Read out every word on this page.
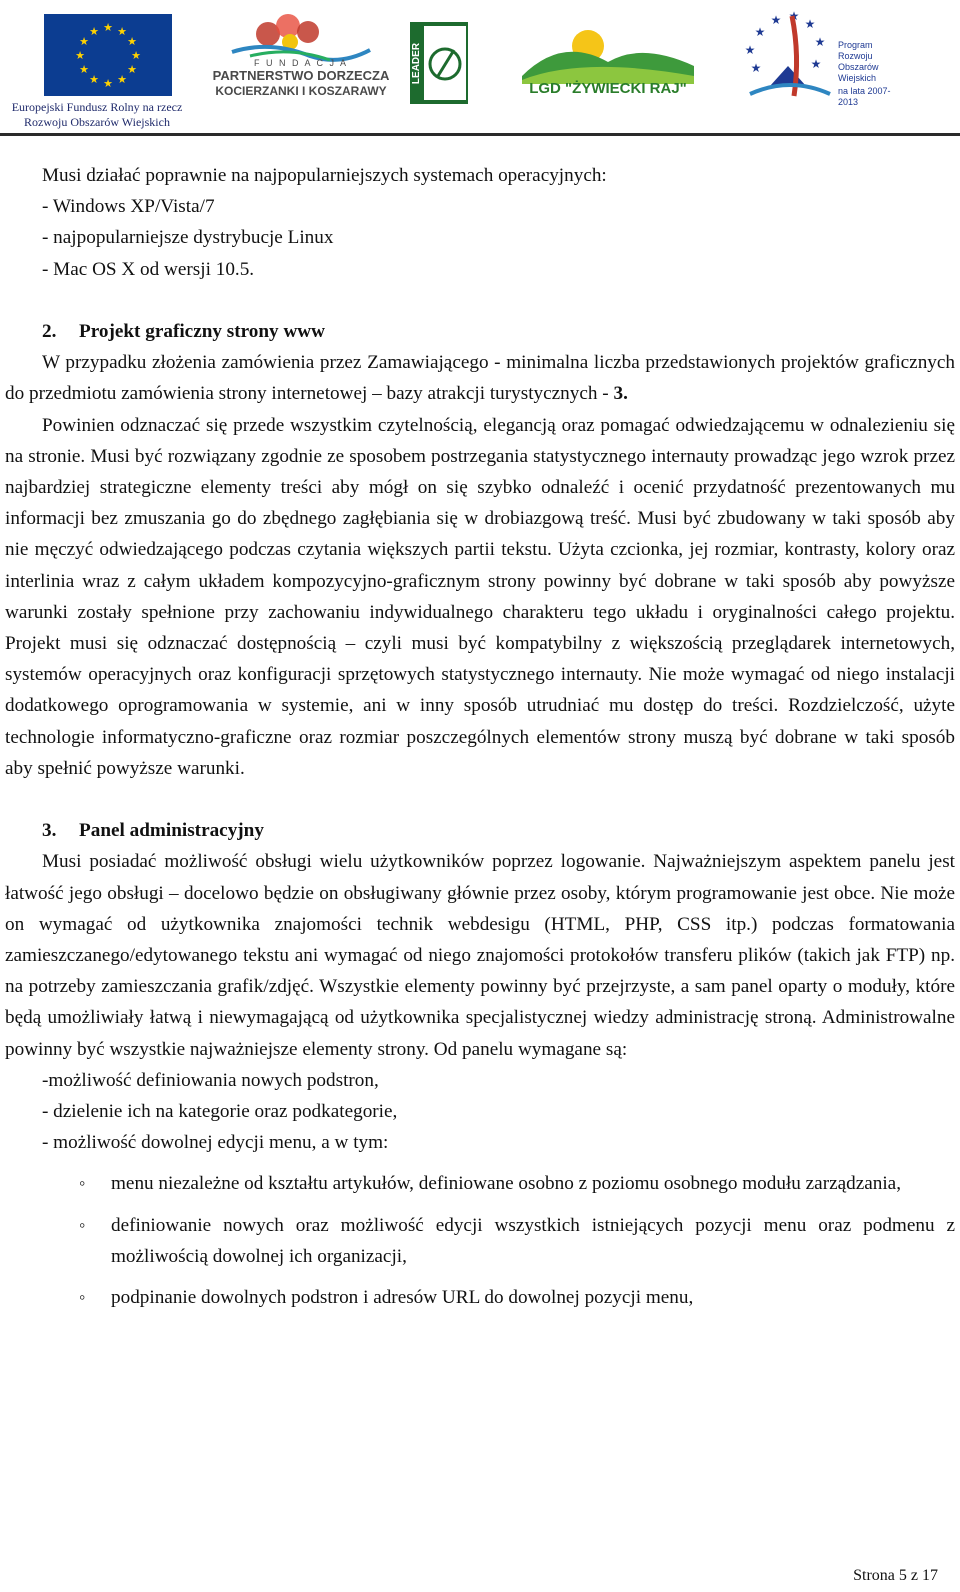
★ ★
★
★
★
★
★
★
★
★
★
★
Europejski Fundusz Rolny na rzecz
Rozwoju Obszarów Wiejskich
F U N D A C J A
PARTNERSTWO DORZECZA
KOCIERZANKI I KOSZARAWY
LEADER
LGD "ŻYWIECKI RAJ"
★
★
★ ★
★
★
★	★
Program
Rozwoju
Obszarów
Wiejskich
na lata 2007-2013

Musi działać poprawnie na najpopularniejszych systemach operacyjnych:

- Windows XP/Vista/7

- najpopularniejsze dystrybucje Linux

- Mac OS X od wersji 10.5.

2. Projekt graficzny strony www

W przypadku złożenia zamówienia przez Zamawiającego - minimalna liczba przedstawionych projektów graficznych do przedmiotu zamówienia strony internetowej – bazy atrakcji turystycznych - 3.

Powinien odznaczać się przede wszystkim czytelnością, elegancją oraz pomagać odwiedzającemu w odnalezieniu się na stronie. Musi być rozwiązany zgodnie ze sposobem postrzegania statystycznego internauty prowadząc jego wzrok przez najbardziej strategiczne elementy treści aby mógł on się szybko odnaleźć i ocenić przydatność prezentowanych mu informacji bez zmuszania go do zbędnego zagłębiania się w drobiazgową treść. Musi być zbudowany w taki sposób aby nie męczyć odwiedzającego podczas czytania większych partii tekstu. Użyta czcionka, jej rozmiar, kontrasty, kolory oraz interlinia wraz z całym układem kompozycyjno-graficznym strony powinny być dobrane w taki sposób aby powyższe warunki zostały spełnione przy zachowaniu indywidualnego charakteru tego układu i oryginalności całego projektu. Projekt musi się odznaczać dostępnością – czyli musi być kompatybilny z większością przeglądarek internetowych, systemów operacyjnych oraz konfiguracji sprzętowych statystycznego internauty. Nie może wymagać od niego instalacji dodatkowego oprogramowania w systemie, ani w inny sposób utrudniać mu dostęp do treści. Rozdzielczość, użyte technologie informatyczno-graficzne oraz rozmiar poszczególnych elementów strony muszą być dobrane w taki sposób aby spełnić powyższe warunki.

3. Panel administracyjny

Musi posiadać możliwość obsługi wielu użytkowników poprzez logowanie. Najważniejszym aspektem panelu jest łatwość jego obsługi – docelowo będzie on obsługiwany głównie przez osoby, którym programowanie jest obce. Nie może on wymagać od użytkownika znajomości technik webdesigu (HTML, PHP, CSS itp.) podczas formatowania zamieszczanego/edytowanego tekstu ani wymagać od niego znajomości protokołów transferu plików (takich jak FTP) np. na potrzeby zamieszczania grafik/zdjęć. Wszystkie elementy powinny być przejrzyste, a sam panel oparty o moduły, które będą umożliwiały łatwą i niewymagającą od użytkownika specjalistycznej wiedzy administrację stroną. Administrowalne powinny być wszystkie najważniejsze elementy strony. Od panelu wymagane są:

-możliwość definiowania nowych podstron,

- dzielenie ich na kategorie oraz podkategorie,

- możliwość dowolnej edycji menu, a w tym:

◦ menu niezależne od kształtu artykułów, definiowane osobno z poziomu osobnego modułu zarządzania,
◦ definiowanie nowych oraz możliwość edycji wszystkich istniejących pozycji menu oraz podmenu z możliwością dowolnej ich organizacji,
◦ podpinanie dowolnych podstron i adresów URL do dowolnej pozycji menu,
Strona 5 z 17
